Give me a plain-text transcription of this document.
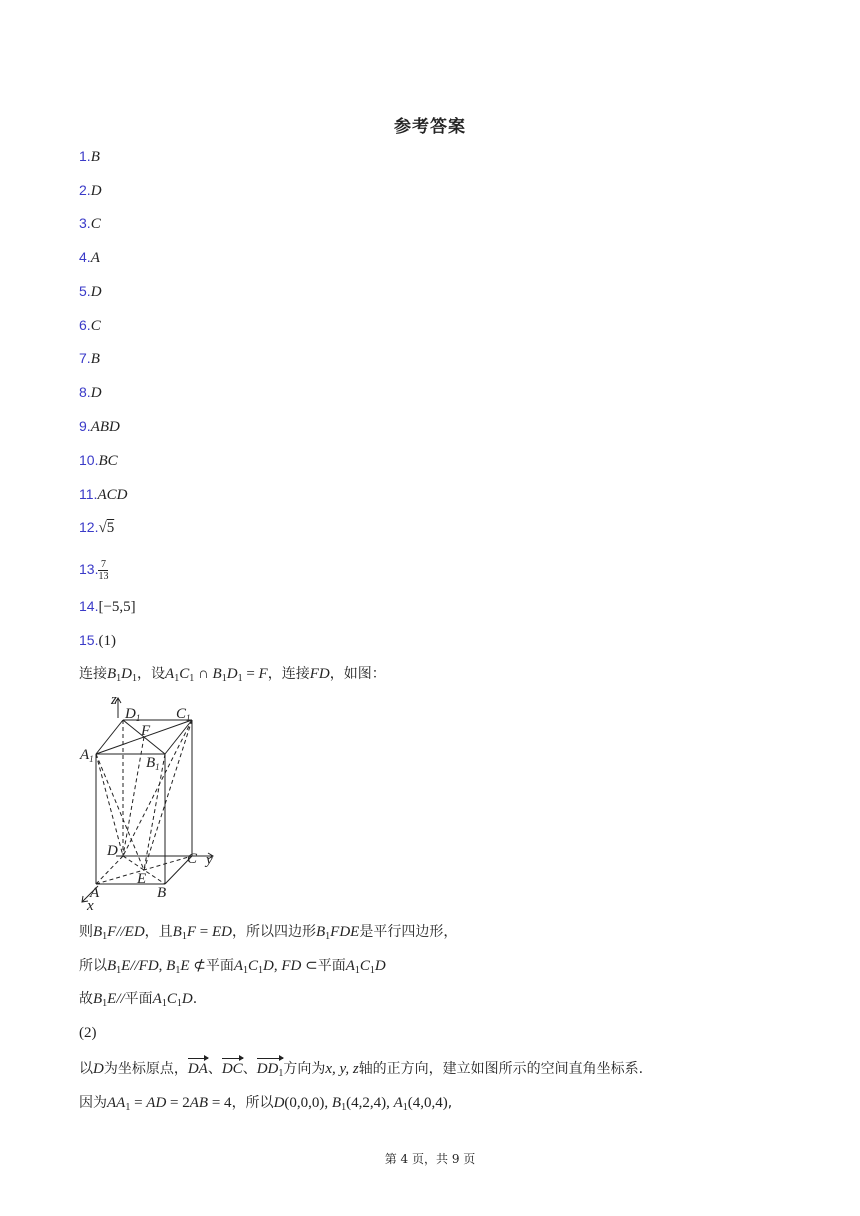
参考答案
1.B
2.D
3.C
4.A
5.D
6.C
7.B
8.D
9.ABD
10.BC
11.ACD
12.√5
13. $\frac{7}{13}$
14.[−5,5]
15.(1)
连接$B_1D_1$，设$A_1C_1$ ∩ $B_1D_1 = F$，连接FD，如图：
z
y
x
$D_1$ $C_1$
$A_1$	$B_1$
F
D	C
A	B
E
则$B_1F//ED$，且$B_1F$ = ED，所以四边形$B_1FDE$是平行四边形，
所以$B_1E//FD$, $B_1E$ ⊄平面$A_1C_1D$, FD ⊂平面$A_1C_1D$
故$B_1E//$平面$A_1C_1D$.
(2)
以D为坐标原点，DA、DC、$DD_1$方向为x, y, z轴的正方向，建立如图所示的空间直角坐标系.
因为$AA_1$ = AD = 2AB = 4，所以D(0,0,0), $B_1(4,2,4)$, $A_1(4,0,4)$,
第 4 页，共 9 页
